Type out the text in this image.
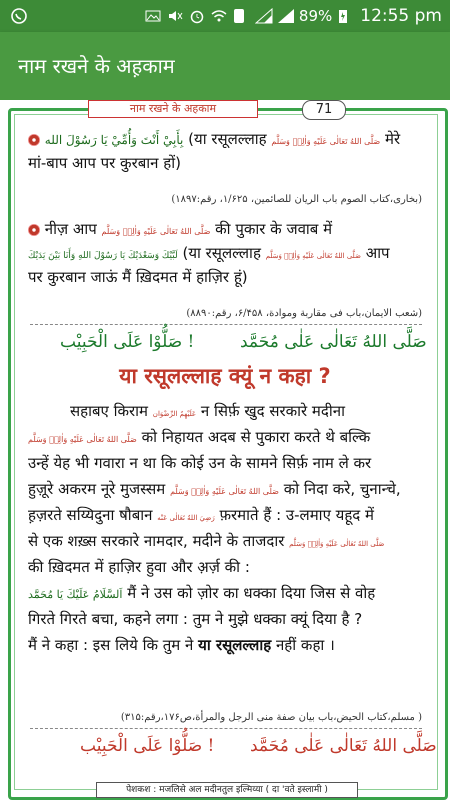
89% 12:55 pm
नाम रखने के अह़काम
नाम रखने के अहकाम	71
بِأَبِيْ أَنْتَ وَأُمِّيْ يَا رَسُوْلَ الله (या रसूलल्लाह صَلَّى اللهُ تَعَالٰى عَلَيْهِ وَاٰلِهٖ وَسَلَّم मेरे
मां-बाप आप पर कुरबान हों)
(بخاری،کتاب الصوم باب الریان للصائمین، ۱/۶۲۵، رقم:۱۸۹۷)
नीज़ आप صَلَّى اللهُ تَعَالٰى عَلَيْهِ وَاٰلِهٖ وَسَلَّم की पुकार के जवाब में
لَبَّيْكَ وَسَعْدَيْكَ يَا رَسُوْلَ اللهِ وَأَنَا بَيْنَ يَدَيْكَ (या रसूलल्लाह صَلَّى اللهُ تَعَالٰى عَلَيْهِ وَاٰلِهٖ وَسَلَّم आप
पर कुरबान जाऊं मैं ख़िदमत में हाज़िर हूं)
(شعب الایمان،باب فی مقاربة وموادة، ۶/۴۵۸، رقم:۸۸۹۰)
صَلُّوْا عَلَى الْحَبِيْب !	صَلَّى اللهُ تَعَالٰى عَلٰى مُحَمَّد
या रसूलल्लाह क्यूं न कहा ?
सहाबए किराम عَلَيْهِمُ الرِّضْوَان न सिर्फ़ खुद सरकारे मदीना
صَلَّى اللهُ تَعَالٰى عَلَيْهِ وَاٰلِهٖ وَسَلَّم को निहायत अदब से पुकारा करते थे बल्कि
उन्हें येह भी गवारा न था कि कोई उन के सामने सिर्फ़ नाम ले कर
हुज़ूरे अकरम नूरे मुजस्सम صَلَّى اللهُ تَعَالٰى عَلَيْهِ وَاٰلِهٖ وَسَلَّم को निदा करे, चुनान्चे,
ह़ज़रते सय्यिदुना षौबान رَضِيَ اللهُ تَعَالٰى عَنْه फ़रमाते हैं : उ-लमाए यहूद में
से एक शख़्स सरकारे नामदार, मदीने के ताजदार صَلَّى اللهُ تَعَالٰى عَلَيْهِ وَاٰلِهٖ وَسَلَّم
की ख़िदमत में हाज़िर हुवा और अ़र्ज़ की :
اَلسَّلَامُ عَلَيْكَ يَا مُحَمَّد मैं ने उस को ज़ोर का धक्का दिया जिस से वोह
गिरते गिरते बचा, कहने लगा : तुम ने मुझे धक्का क्यूं दिया है ?
मैं ने कहा : इस लिये कि तुम ने या रसूलल्लाह नहीं कहा ।
( مسلم،کتاب الحیض،باب بیان صفة منی الرجل والمرأة،ص۱۷۶،رقم:۳۱۵)
صَلُّوْا عَلَى الْحَبِيْب ! صَلَّى اللهُ تَعَالٰى عَلٰى مُحَمَّد
पेशकश : मजलिसे अल मदीनतुल इल्मिय्या ( दा 'वते इस्लामी )
